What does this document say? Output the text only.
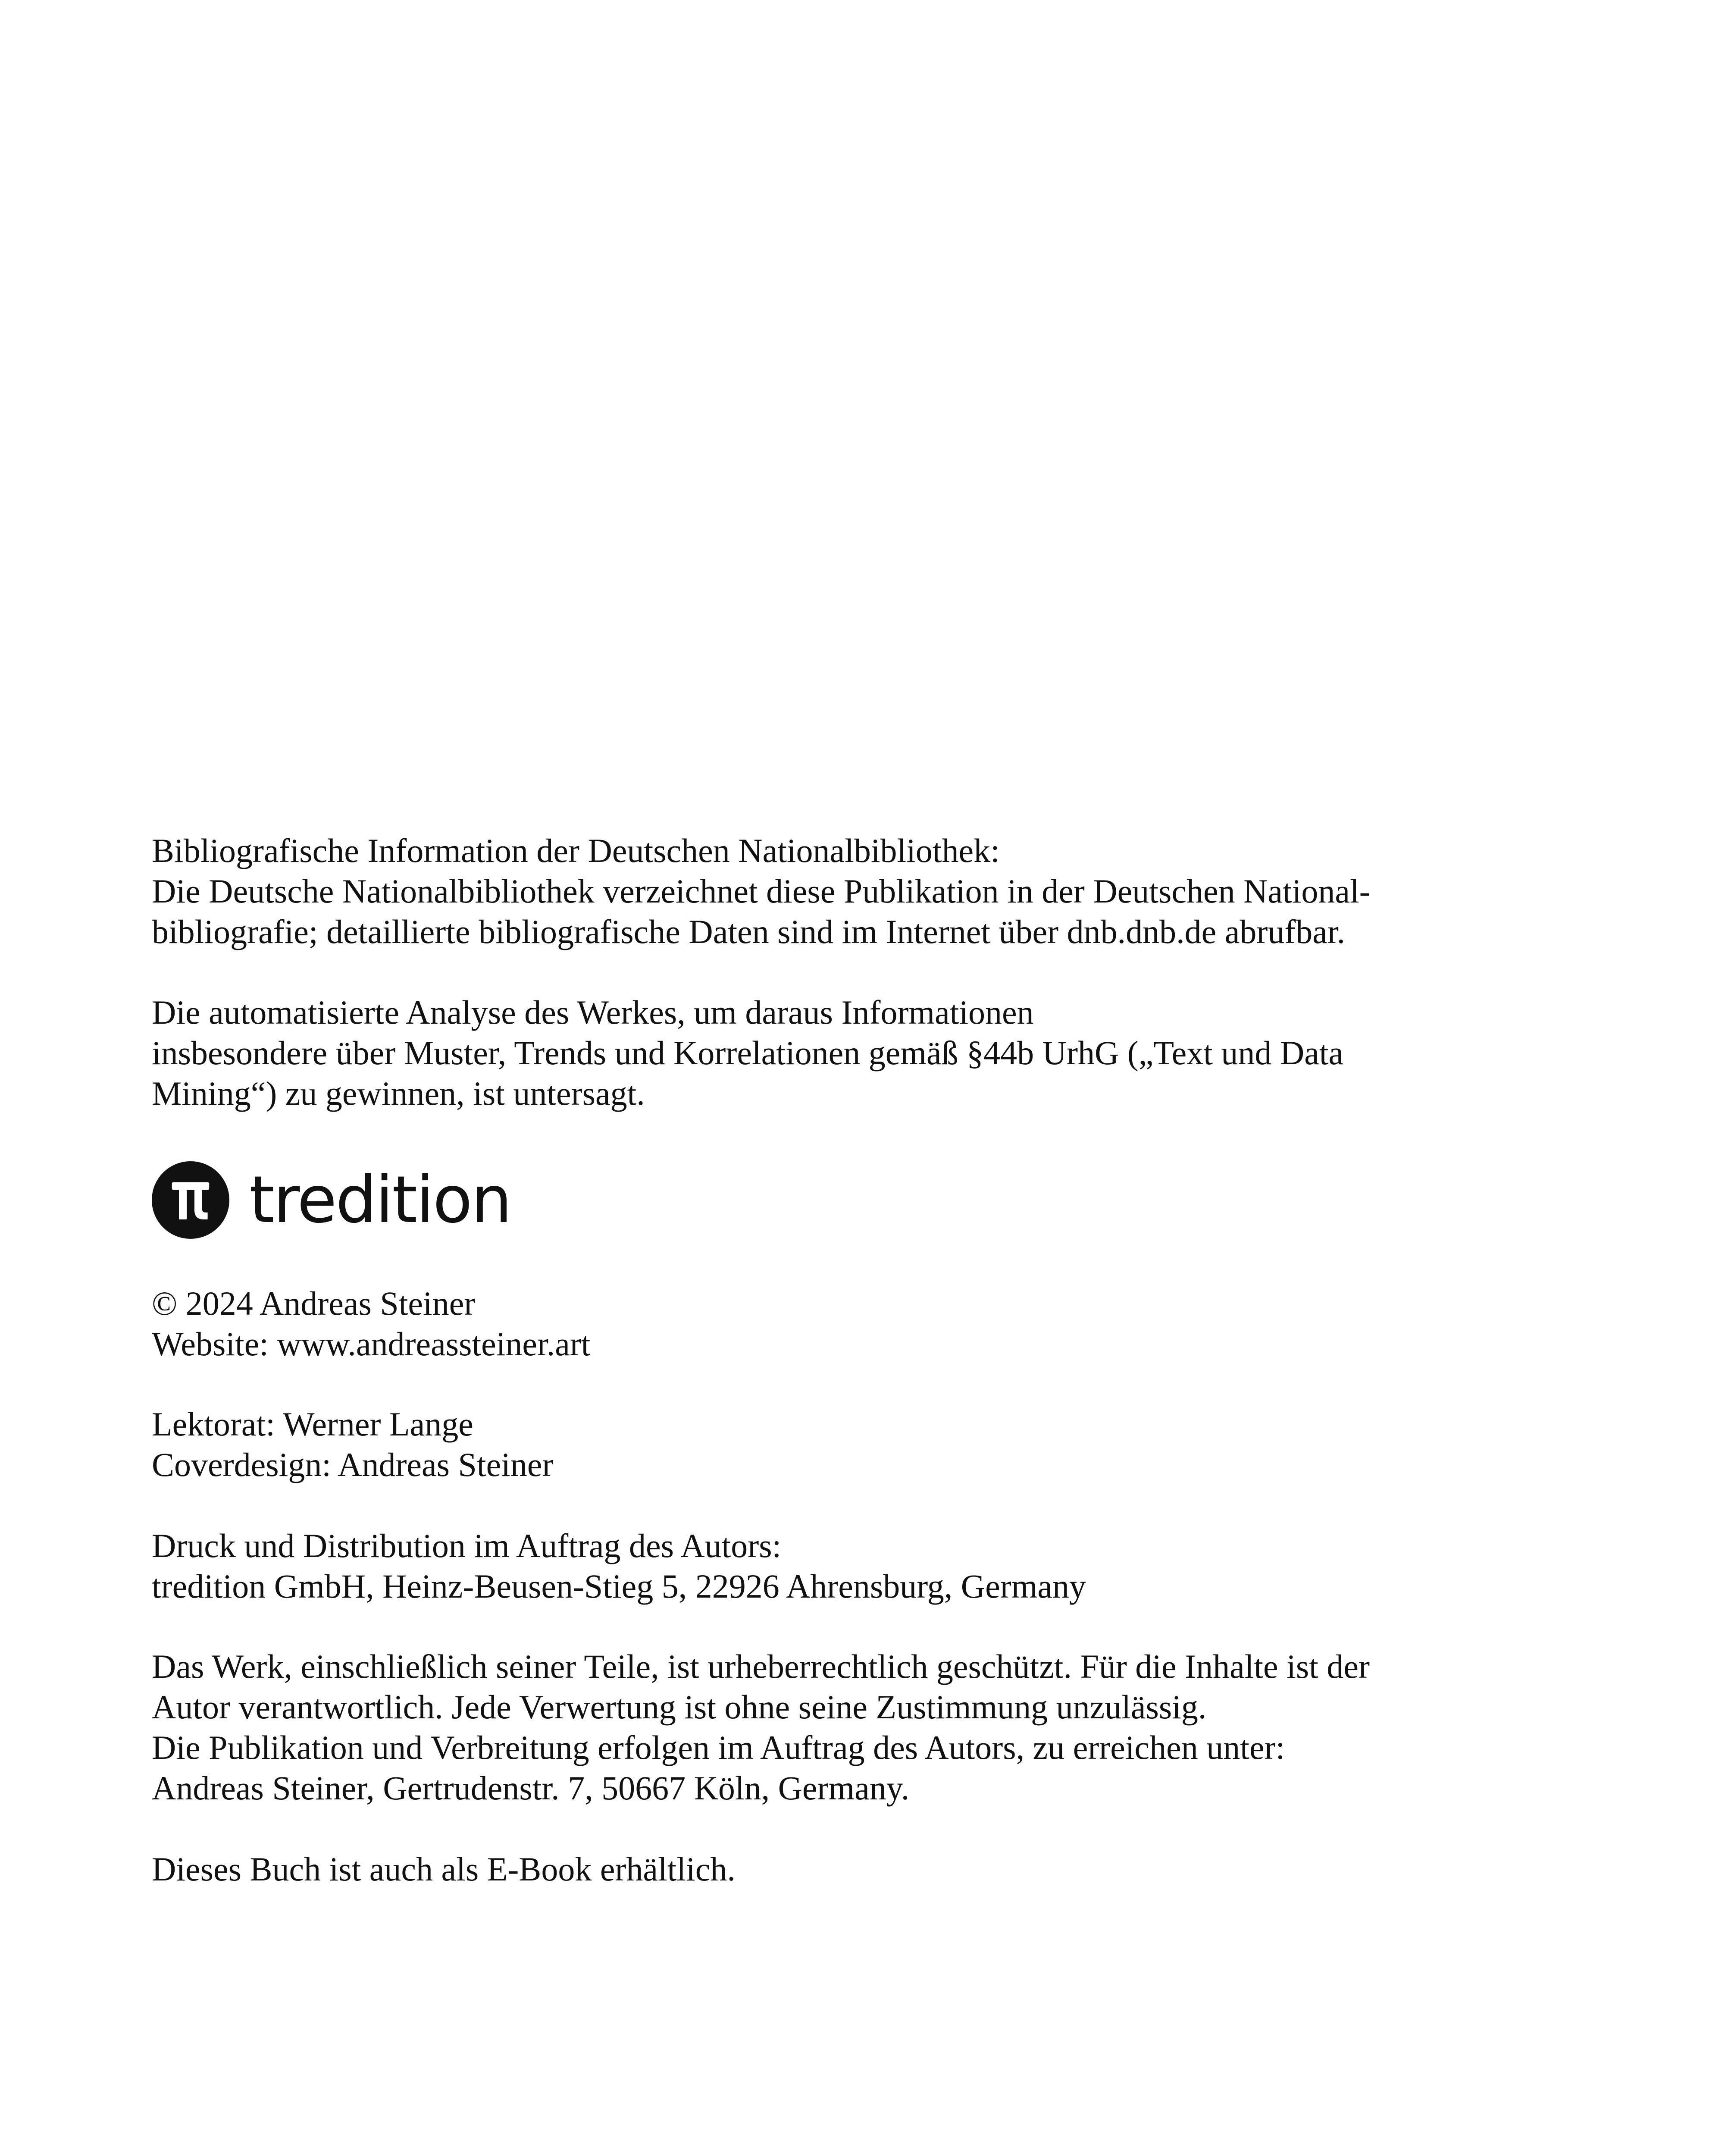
Bibliografische Information der Deutschen Nationalbibliothek:
Die Deutsche Nationalbibliothek verzeichnet diese Publikation in der Deutschen National-
bibliografie; detaillierte bibliografische Daten sind im Internet über dnb.dnb.de abrufbar.

Die automatisierte Analyse des Werkes, um daraus Informationen
insbesondere über Muster, Trends und Korrelationen gemäß §44b UrhG („Text und Data
Mining“) zu gewinnen, ist untersagt.

tredition

© 2024 Andreas Steiner
Website: www.andreassteiner.art

Lektorat: Werner Lange
Coverdesign: Andreas Steiner

Druck und Distribution im Auftrag des Autors:
tredition GmbH, Heinz-Beusen-Stieg 5, 22926 Ahrensburg, Germany

Das Werk, einschließlich seiner Teile, ist urheberrechtlich geschützt. Für die Inhalte ist der
Autor verantwortlich. Jede Verwertung ist ohne seine Zustimmung unzulässig.
Die Publikation und Verbreitung erfolgen im Auftrag des Autors, zu erreichen unter:
Andreas Steiner, Gertrudenstr. 7, 50667 Köln, Germany.

Dieses Buch ist auch als E-Book erhältlich.
